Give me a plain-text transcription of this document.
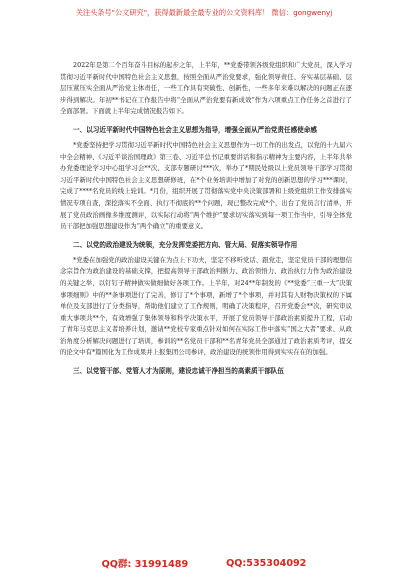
关注头条号"公文研究"，获得最新最全最专业的公文资料库！ 微信：gongwenyj

2022年是第二个百年奋斗目标的起步之年，上半年，**党委带领各级党组织和广大党员，深入学习贯彻习近平新时代中国特色社会主义思想，按照全面从严治党要求，强化领导责任、夯实基层基础、层层压紧压实全面从严治党主体责任，一些工作具有突破性、创新性，一些多年来难以解决的问题正在逐步得到解决。年初**书记在工作报告中将“全面从严治党要有新成效”作为六项重点工作任务之首进行了全面部署。下面就上半年完成情况报告如下。

一、以习近平新时代中国特色社会主义思想为指导，增强全面从严治党责任感使命感

*党委坚持把学习贯彻习近平新时代中国特色社会主义思想作为一切工作的出发点，以党的十九届六中全会精神、《习近平谈治国理政》第三卷、习近平总书记重要讲话和指示精神为主要内容，上半年共举办党委理论学习中心组学习会**次、支部专题研讨***次，举办了*期民处级以上党员领导干部学习贯彻习近平新时代中国特色社会主义思想研修班，在*个业务培训中增加了对党的创新思想的学习***课时，完成了****名党员的线上轮训。*月份，组织开展了贯彻落实党中央决策部署和上级党组织工作安排落实情况专项自查，深挖落实不全面、执行不彻底的**个问题，现已整改完成*个，出台了党员言行清单，开展了党员政治画像多维度测评，以实际行动将“两个维护”要求切实落实到每一项工作当中，引导全体党员干部把加强思想建设作为“两个确立”的重要意义。

二、以党的政治建设为统领，充分发挥党委把方向、管大局、促落实领导作用

*党委在加强党的政治建设关键在为点上下功夫，坚定不移听党话、跟党走，坚定党员干部的理想信念宗旨作为政治建设的基础支撑，把提高领导干部政治判断力、政治领悟力、政治执行力作为政治建设的关键之举，以钉钉子精神做实做细做好各项工作。上半年，对24**年制发的《**党委“三重一大”决策事项细则》中的**条事项进行了完善，修订了*个事项，新增了*个事项，并对其有人财物决策权的下属单位及支部进行了分类指导，帮助他们建立了工作规则，明确了决策程序，召开党委会**次，研究审议重大事项共**个，有效增强了集体领导和科学决策水平，开展了党员领导干部政治素质提升工程，启动了青年马克思主义者培养计划，邀请**党校专家重点针对如何在实际工作中落实“国之大者”要求、从政治角度分析解决问题进行了培训，参训的**名党员干部和**名青年党员全部通过了政治素质考评，提交的论文中有*篇国化为工作成果并上报集团公司参评，政治建设的统领作用得到实实在在的加强。

三、以党管干部、党管人才为原则，建设忠诚干净担当的高素质干部队伍
QQ群: 31991489	QQ:535304092
